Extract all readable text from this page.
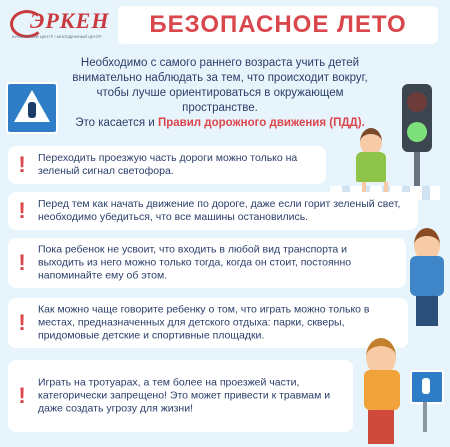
ЭРКЕН
КУЛЬТУРНЫЙ ЦЕНТР / МОЛОДЕЖНЫЙ ЦЕНТР БЕЗОПАСНОЕ ЛЕТО
Необходимо с самого раннего возраста учить детей внимательно наблюдать за тем, что происходит вокруг, чтобы лучше ориентироваться в окружающем пространстве.
Это касается и Правил дорожного движения (ПДД).
! Переходить проезжую часть дороги можно только на зеленый сигнал светофора.
! Перед тем как начать движение по дороге, даже если горит зеленый свет, необходимо убедиться, что все машины остановились.
!
Пока ребенок не усвоит, что входить в любой вид транспорта и выходить из него можно только тогда, когда он стоит, постоянно напоминайте ему об этом.
!
Как можно чаще говорите ребенку о том, что играть можно только в местах, предназначенных для детского отдыха: парки, скверы, придомовые детские и спортивные площадки.
!
Играть на тротуарах, а тем более на проезжей части, категорически запрещено! Это может привести к травмам и даже создать угрозу для жизни!
